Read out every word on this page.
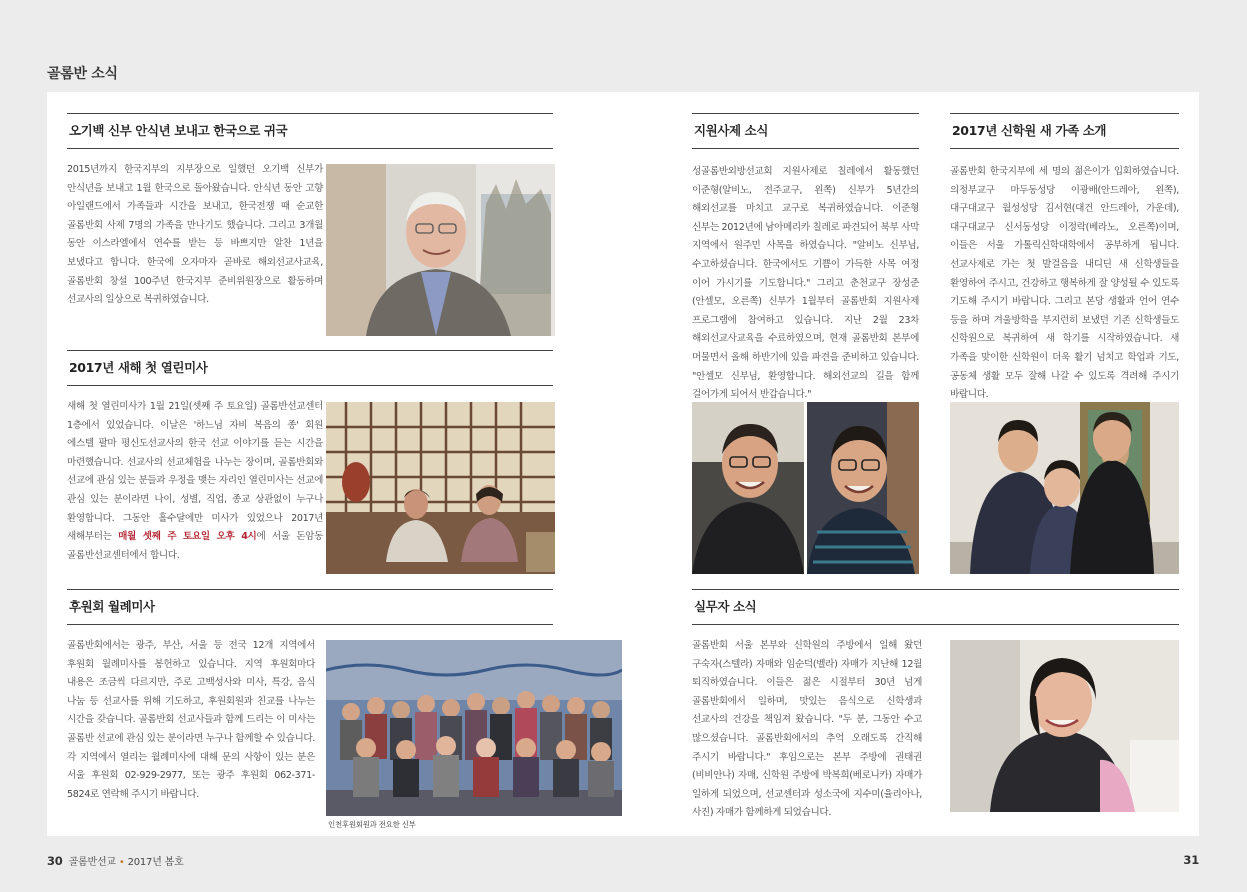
골롬반 소식
오기백 신부 안식년 보내고 한국으로 귀국
2015년까지 한국지부의 지부장으로 일했던 오기백 신부가 안식년을 보내고 1월 한국으로 돌아왔습니다. 안식년 동안 고향 아일랜드에서 가족들과 시간을 보내고, 한국전쟁 때 순교한 골롬반회 사제 7명의 가족을 만나기도 했습니다. 그리고 3개월 동안 이스라엘에서 연수를 받는 등 바쁘지만 알찬 1년을 보냈다고 합니다. 한국에 오자마자 곧바로 해외선교사교육, 골롬반회 창설 100주년 한국지부 준비위원장으로 활동하며 선교사의 일상으로 복귀하였습니다.
2017년 새해 첫 열린미사
새해 첫 열린미사가 1월 21일(셋째 주 토요일) 골롬반선교센터 1층에서 있었습니다. 이날은 '하느님 자비 복음의 종' 회원 에스텔 팔마 평신도선교사의 한국 선교 이야기를 듣는 시간을 마련했습니다. 선교사의 선교체험을 나누는 장이며, 골롬반회와 선교에 관심 있는 분들과 우정을 맺는 자리인 열린미사는 선교에 관심 있는 분이라면 나이, 성별, 직업, 종교 상관없이 누구나 환영합니다. 그동안 홀수달에만 미사가 있었으나 2017년 새해부터는 매월 셋째 주 토요일 오후 4시에 서울 돈암동 골롬반선교센터에서 합니다.
후원회 월례미사
골롬반회에서는 광주, 부산, 서울 등 전국 12개 지역에서 후원회 월례미사를 봉헌하고 있습니다. 지역 후원회마다 내용은 조금씩 다르지만, 주로 고백성사와 미사, 특강, 음식 나눔 등 선교사를 위해 기도하고, 후원회원과 친교를 나누는 시간을 갖습니다. 골롬반회 선교사들과 함께 드리는 이 미사는 골롬반 선교에 관심 있는 분이라면 누구나 함께할 수 있습니다. 각 지역에서 열리는 월례미사에 대해 문의 사항이 있는 분은 서울 후원회 02-929-2977, 또는 광주 후원회 062-371-5824로 연락해 주시기 바랍니다.
인천후원회원과 전요한 신부
지원사제 소식
성골롬반외방선교회 지원사제로 칠레에서 활동했던 이준형(알비노, 전주교구, 왼쪽) 신부가 5년간의 해외선교를 마치고 교구로 복귀하였습니다. 이준형 신부는 2012년에 남아메리카 칠레로 파견되어 북부 사막 지역에서 원주민 사목을 하였습니다. "알비노 신부님, 수고하셨습니다. 한국에서도 기쁨이 가득한 사목 여정 이어 가시기를 기도합니다." 그리고 춘천교구 장성준(안셀모, 오른쪽) 신부가 1월부터 골롬반회 지원사제 프로그램에 참여하고 있습니다. 지난 2월 23차 해외선교사교육을 수료하였으며, 현재 골롬반회 본부에 머물면서 올해 하반기에 있을 파견을 준비하고 있습니다. "안셀모 신부님, 환영합니다. 해외선교의 길을 함께 걸어가게 되어서 반갑습니다."
2017년 신학원 새 가족 소개
골롬반회 한국지부에 세 명의 젊은이가 입회하였습니다. 의정부교구 마두동성당 이광배(안드레아, 왼쪽), 대구대교구 월성성당 김서현(대건 안드레아, 가운데), 대구대교구 신서동성당 이정락(베라노, 오른쪽)이며, 이들은 서울 가톨릭신학대학에서 공부하게 됩니다. 선교사제로 가는 첫 발걸음을 내디딘 새 신학생들을 환영하여 주시고, 건강하고 행복하게 잘 양성될 수 있도록 기도해 주시기 바랍니다. 그리고 본당 생활과 언어 연수 등을 하며 겨울방학을 부지런히 보냈던 기존 신학생들도 신학원으로 복귀하여 새 학기를 시작하였습니다. 새 가족을 맞이한 신학원이 더욱 활기 넘치고 학업과 기도, 공동체 생활 모두 잘해 나갈 수 있도록 격려해 주시기 바랍니다.
실무자 소식
골롬반회 서울 본부와 신학원의 주방에서 일해 왔던 구숙자(스텔라) 자매와 임순덕(벨라) 자매가 지난해 12월 퇴직하였습니다. 이들은 젊은 시절부터 30년 넘게 골롬반회에서 일하며, 맛있는 음식으로 신학생과 선교사의 건강을 책임져 왔습니다. "두 분, 그동안 수고 많으셨습니다. 골롬반회에서의 추억 오래도록 간직해 주시기 바랍니다." 후임으로는 본부 주방에 권태권(비비안나) 자매, 신학원 주방에 박복희(베로니카) 자매가 일하게 되었으며, 선교센터과 성소국에 지수미(율리아나, 사진) 자매가 함께하게 되었습니다.
30 골롬반선교 • 2017년 봄호	31
